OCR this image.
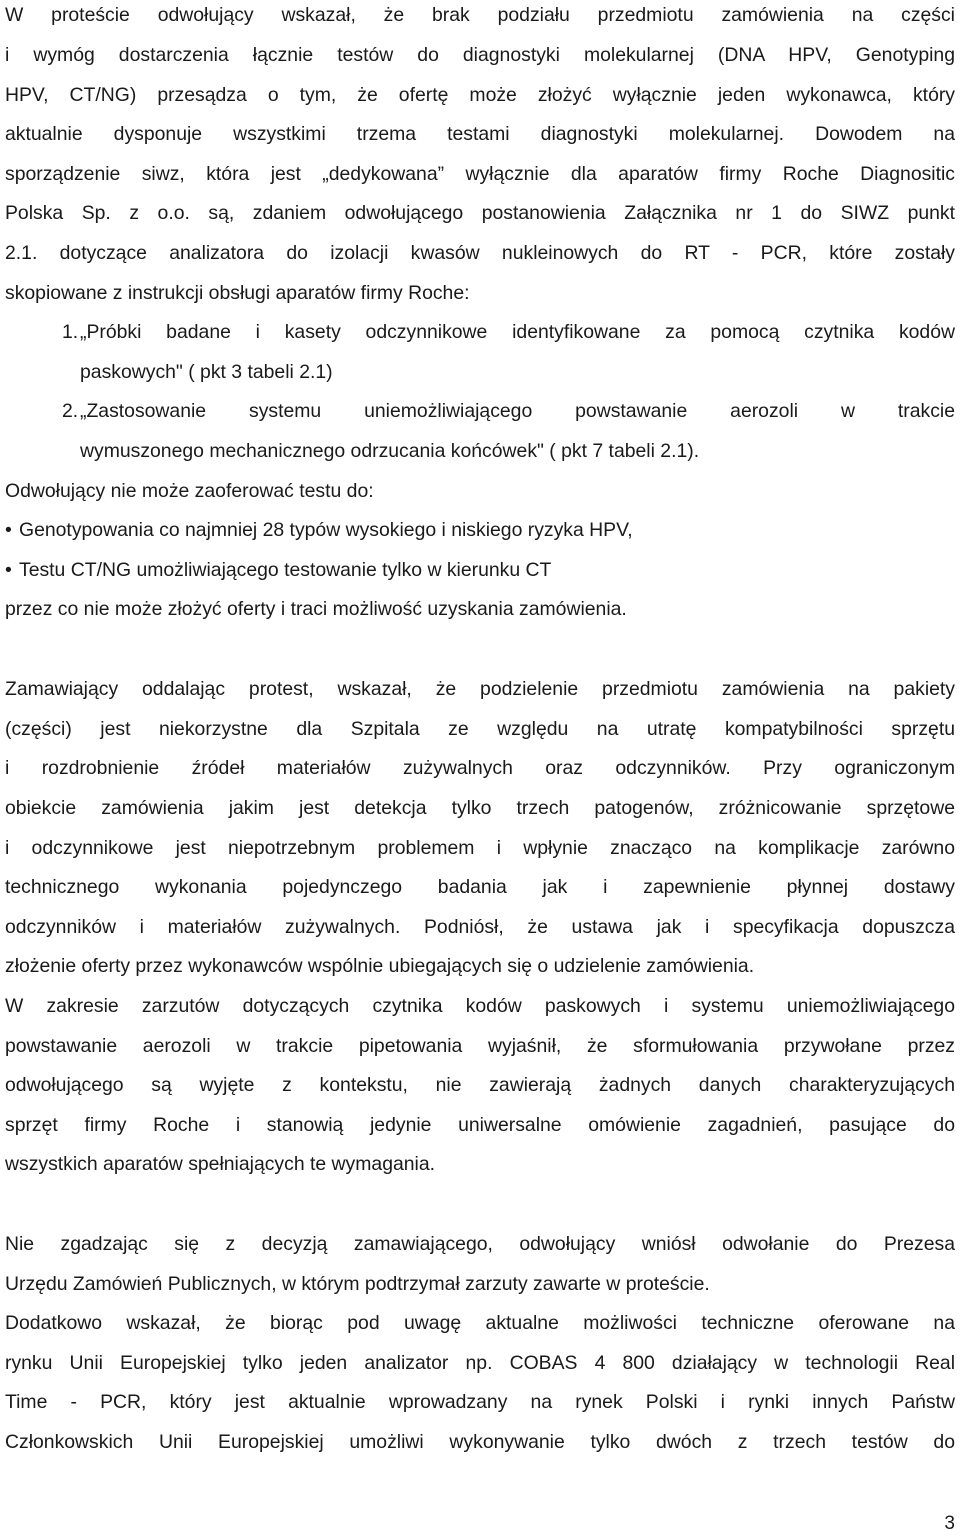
W proteście odwołujący wskazał, że brak podziału przedmiotu zamówienia na części
i wymóg dostarczenia łącznie testów do diagnostyki molekularnej (DNA HPV, Genotyping
HPV, CT/NG) przesądza o tym, że ofertę może złożyć wyłącznie jeden wykonawca, który
aktualnie dysponuje wszystkimi trzema testami diagnostyki molekularnej. Dowodem na
sporządzenie siwz, która jest „dedykowana” wyłącznie dla aparatów firmy Roche Diagnositic
Polska Sp. z o.o. są, zdaniem odwołującego postanowienia Załącznika nr 1 do SIWZ punkt
2.1. dotyczące analizatora do izolacji kwasów nukleinowych do RT - PCR, które zostały
skopiowane z instrukcji obsługi aparatów firmy Roche:
1. „Próbki badane i kasety odczynnikowe identyfikowane za pomocą czytnika kodów
paskowych" ( pkt 3 tabeli 2.1)
2. „Zastosowanie systemu uniemożliwiającego powstawanie aerozoli w trakcie
wymuszonego mechanicznego odrzucania końcówek" ( pkt 7 tabeli 2.1).
Odwołujący nie może zaoferować testu do:
• Genotypowania co najmniej 28 typów wysokiego i niskiego ryzyka HPV,
• Testu CT/NG umożliwiającego testowanie tylko w kierunku CT
przez co nie może złożyć oferty i traci możliwość uzyskania zamówienia.
Zamawiający oddalając protest, wskazał, że podzielenie przedmiotu zamówienia na pakiety
(części) jest niekorzystne dla Szpitala ze względu na utratę kompatybilności sprzętu
i rozdrobnienie źródeł materiałów zużywalnych oraz odczynników. Przy ograniczonym
obiekcie zamówienia jakim jest detekcja tylko trzech patogenów, zróżnicowanie sprzętowe
i odczynnikowe jest niepotrzebnym problemem i wpłynie znacząco na komplikacje zarówno
technicznego wykonania pojedynczego badania jak i zapewnienie płynnej dostawy
odczynników i materiałów zużywalnych. Podniósł, że ustawa jak i specyfikacja dopuszcza
złożenie oferty przez wykonawców wspólnie ubiegających się o udzielenie zamówienia.
W zakresie zarzutów dotyczących czytnika kodów paskowych i systemu uniemożliwiającego
powstawanie aerozoli w trakcie pipetowania wyjaśnił, że sformułowania przywołane przez
odwołującego są wyjęte z kontekstu, nie zawierają żadnych danych charakteryzujących
sprzęt firmy Roche i stanowią jedynie uniwersalne omówienie zagadnień, pasujące do
wszystkich aparatów spełniających te wymagania.
Nie zgadzając się z decyzją zamawiającego, odwołujący wniósł odwołanie do Prezesa
Urzędu Zamówień Publicznych, w którym podtrzymał zarzuty zawarte w proteście.
Dodatkowo wskazał, że biorąc pod uwagę aktualne możliwości techniczne oferowane na
rynku Unii Europejskiej tylko jeden analizator np. COBAS 4 800 działający w technologii Real
Time - PCR, który jest aktualnie wprowadzany na rynek Polski i rynki innych Państw
Członkowskich Unii Europejskiej umożliwi wykonywanie tylko dwóch z trzech testów do
3
